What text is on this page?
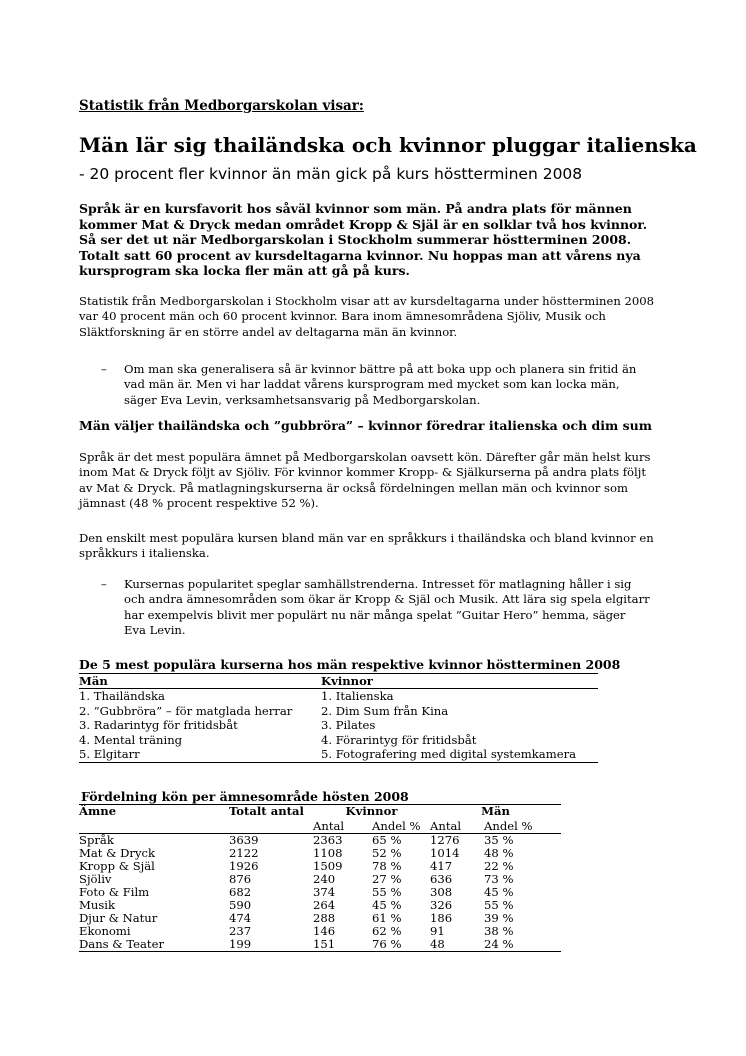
Statistik från Medborgarskolan visar:
Män lär sig thailändska och kvinnor pluggar italienska
- 20 procent fler kvinnor än män gick på kurs höstterminen 2008

Språk är en kursfavorit hos såväl kvinnor som män. På andra plats för männen kommer Mat & Dryck medan området Kropp & Själ är en solklar två hos kvinnor. Så ser det ut när Medborgarskolan i Stockholm summerar höstterminen 2008. Totalt satt 60 procent av kursdeltagarna kvinnor. Nu hoppas man att vårens nya kursprogram ska locka fler män att gå på kurs.

Statistik från Medborgarskolan i Stockholm visar att av kursdeltagarna under höstterminen 2008 var 40 procent män och 60 procent kvinnor. Bara inom ämnesområdena Sjöliv, Musik och Släktforskning är en större andel av deltagarna män än kvinnor.

– Om man ska generalisera så är kvinnor bättre på att boka upp och planera sin fritid än vad män är. Men vi har laddat vårens kursprogram med mycket som kan locka män, säger Eva Levin, verksamhetsansvarig på Medborgarskolan.
Män väljer thailändska och ”gubbröra” – kvinnor föredrar italienska och dim sum

Språk är det mest populära ämnet på Medborgarskolan oavsett kön. Därefter går män helst kurs inom Mat & Dryck följt av Sjöliv. För kvinnor kommer Kropp- & Själkurserna på andra plats följt av Mat & Dryck. På matlagningskurserna är också fördelningen mellan män och kvinnor som jämnast (48 % procent respektive 52 %).

Den enskilt mest populära kursen bland män var en språkkurs i thailändska och bland kvinnor en språkkurs i italienska.

– Kursernas popularitet speglar samhällstrenderna. Intresset för matlagning håller i sig och andra ämnesområden som ökar är Kropp & Själ och Musik. Att lära sig spela elgitarr har exempelvis blivit mer populärt nu när många spelat ”Guitar Hero” hemma, säger Eva Levin.
De 5 mest populära kurserna hos män respektive kvinnor höstterminen 2008
Män	Kvinnor
1. Thailändska	1. Italienska
2. ”Gubbröra” – för matglada herrar	2. Dim Sum från Kina
3. Radarintyg för fritidsbåt	3. Pilates
4. Mental träning	4. Förarintyg för fritidsbåt
5. Elgitarr	5. Fotografering med digital systemkamera
Fördelning kön per ämnesområde hösten 2008
Ämne	Totalt antal	Kvinnor		Män	
		Antal	Andel %	Antal	Andel %
Språk	3639	2363	65 %	1276	35 %
Mat & Dryck	2122	1108	52 %	1014	48 %
Kropp & Själ	1926	1509	78 %	417	22 %
Sjöliv	876	240	27 %	636	73 %
Foto & Film	682	374	55 %	308	45 %
Musik	590	264	45 %	326	55 %
Djur & Natur	474	288	61 %	186	39 %
Ekonomi	237	146	62 %	91	38 %
Dans & Teater	199	151	76 %	48	24 %
